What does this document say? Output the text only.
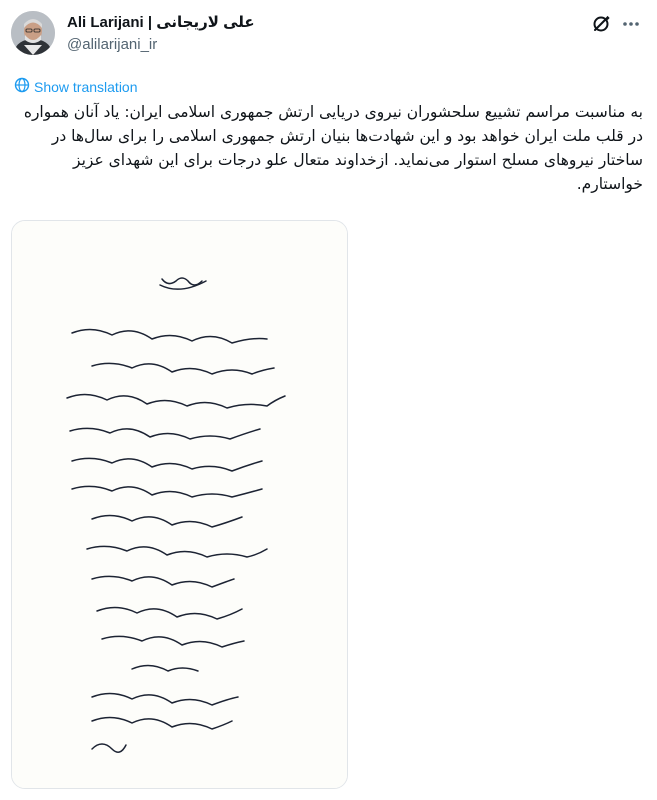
Ali Larijani | علی لاریجانی
@alilarijani_ir
Show translation
به مناسبت مراسم تشییع سلحشوران نیروی دریایی ارتش جمهوری اسلامی ایران: یاد آنان همواره در قلب ملت ایران خواهد بود و این شهادت‌ها بنیان ارتش جمهوری اسلامی را برای سال‌ها در ساختار نیروهای مسلح استوار می‌نماید. ازخداوند متعال علو درجات برای این شهدای عزیز خواستارم.
